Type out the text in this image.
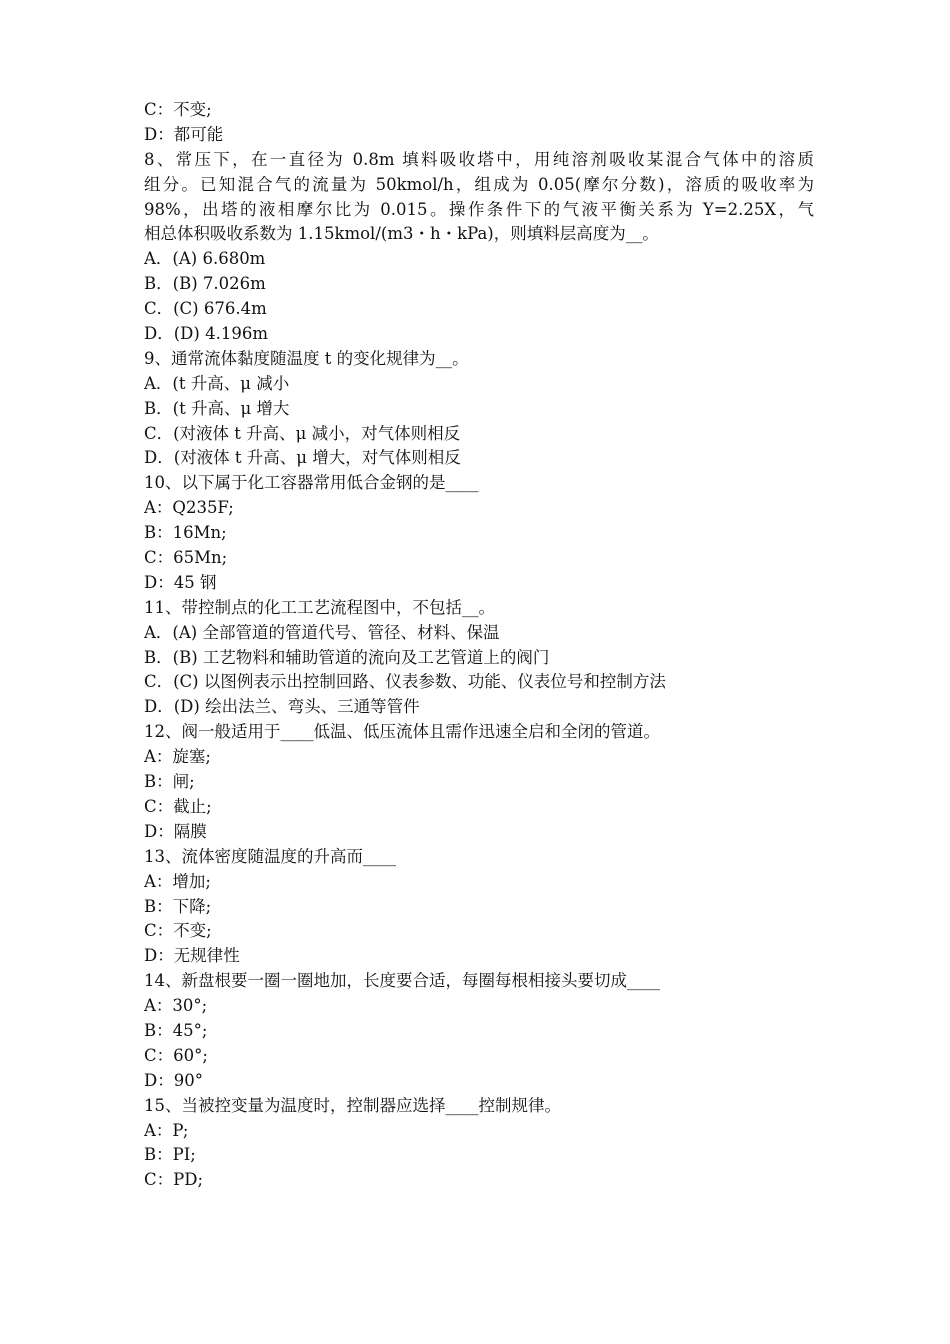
C：不变;
D：都可能
8、常压下，在一直径为 0.8m 填料吸收塔中，用纯溶剂吸收某混合气体中的溶质
组分。已知混合气的流量为 50kmol/h，组成为 0.05(摩尔分数)，溶质的吸收率为
98%，出塔的液相摩尔比为 0.015。操作条件下的气液平衡关系为 Y=2.25X，气
相总体积吸收系数为 1.15kmol/(m3・h・kPa)，则填料层高度为__。
A．(A) 6.680m
B．(B) 7.026m
C．(C) 676.4m
D．(D) 4.196m
9、通常流体黏度随温度 t 的变化规律为__。
A．(t 升高、μ 减小
B．(t 升高、μ 增大
C．(对液体 t 升高、μ 减小，对气体则相反
D．(对液体 t 升高、μ 增大，对气体则相反
10、以下属于化工容器常用低合金钢的是____
A：Q235F;
B：16Mn;
C：65Mn;
D：45 钢
11、带控制点的化工工艺流程图中，不包括__。
A．(A) 全部管道的管道代号、管径、材料、保温
B．(B) 工艺物料和辅助管道的流向及工艺管道上的阀门
C．(C) 以图例表示出控制回路、仪表参数、功能、仪表位号和控制方法
D．(D) 绘出法兰、弯头、三通等管件
12、阀一般适用于____低温、低压流体且需作迅速全启和全闭的管道。
A：旋塞;
B：闸;
C：截止;
D：隔膜
13、流体密度随温度的升高而____
A：增加;
B：下降;
C：不变;
D：无规律性
14、新盘根要一圈一圈地加，长度要合适，每圈每根相接头要切成____
A：30°;
B：45°;
C：60°;
D：90°
15、当被控变量为温度时，控制器应选择____控制规律。
A：P;
B：PI;
C：PD;
